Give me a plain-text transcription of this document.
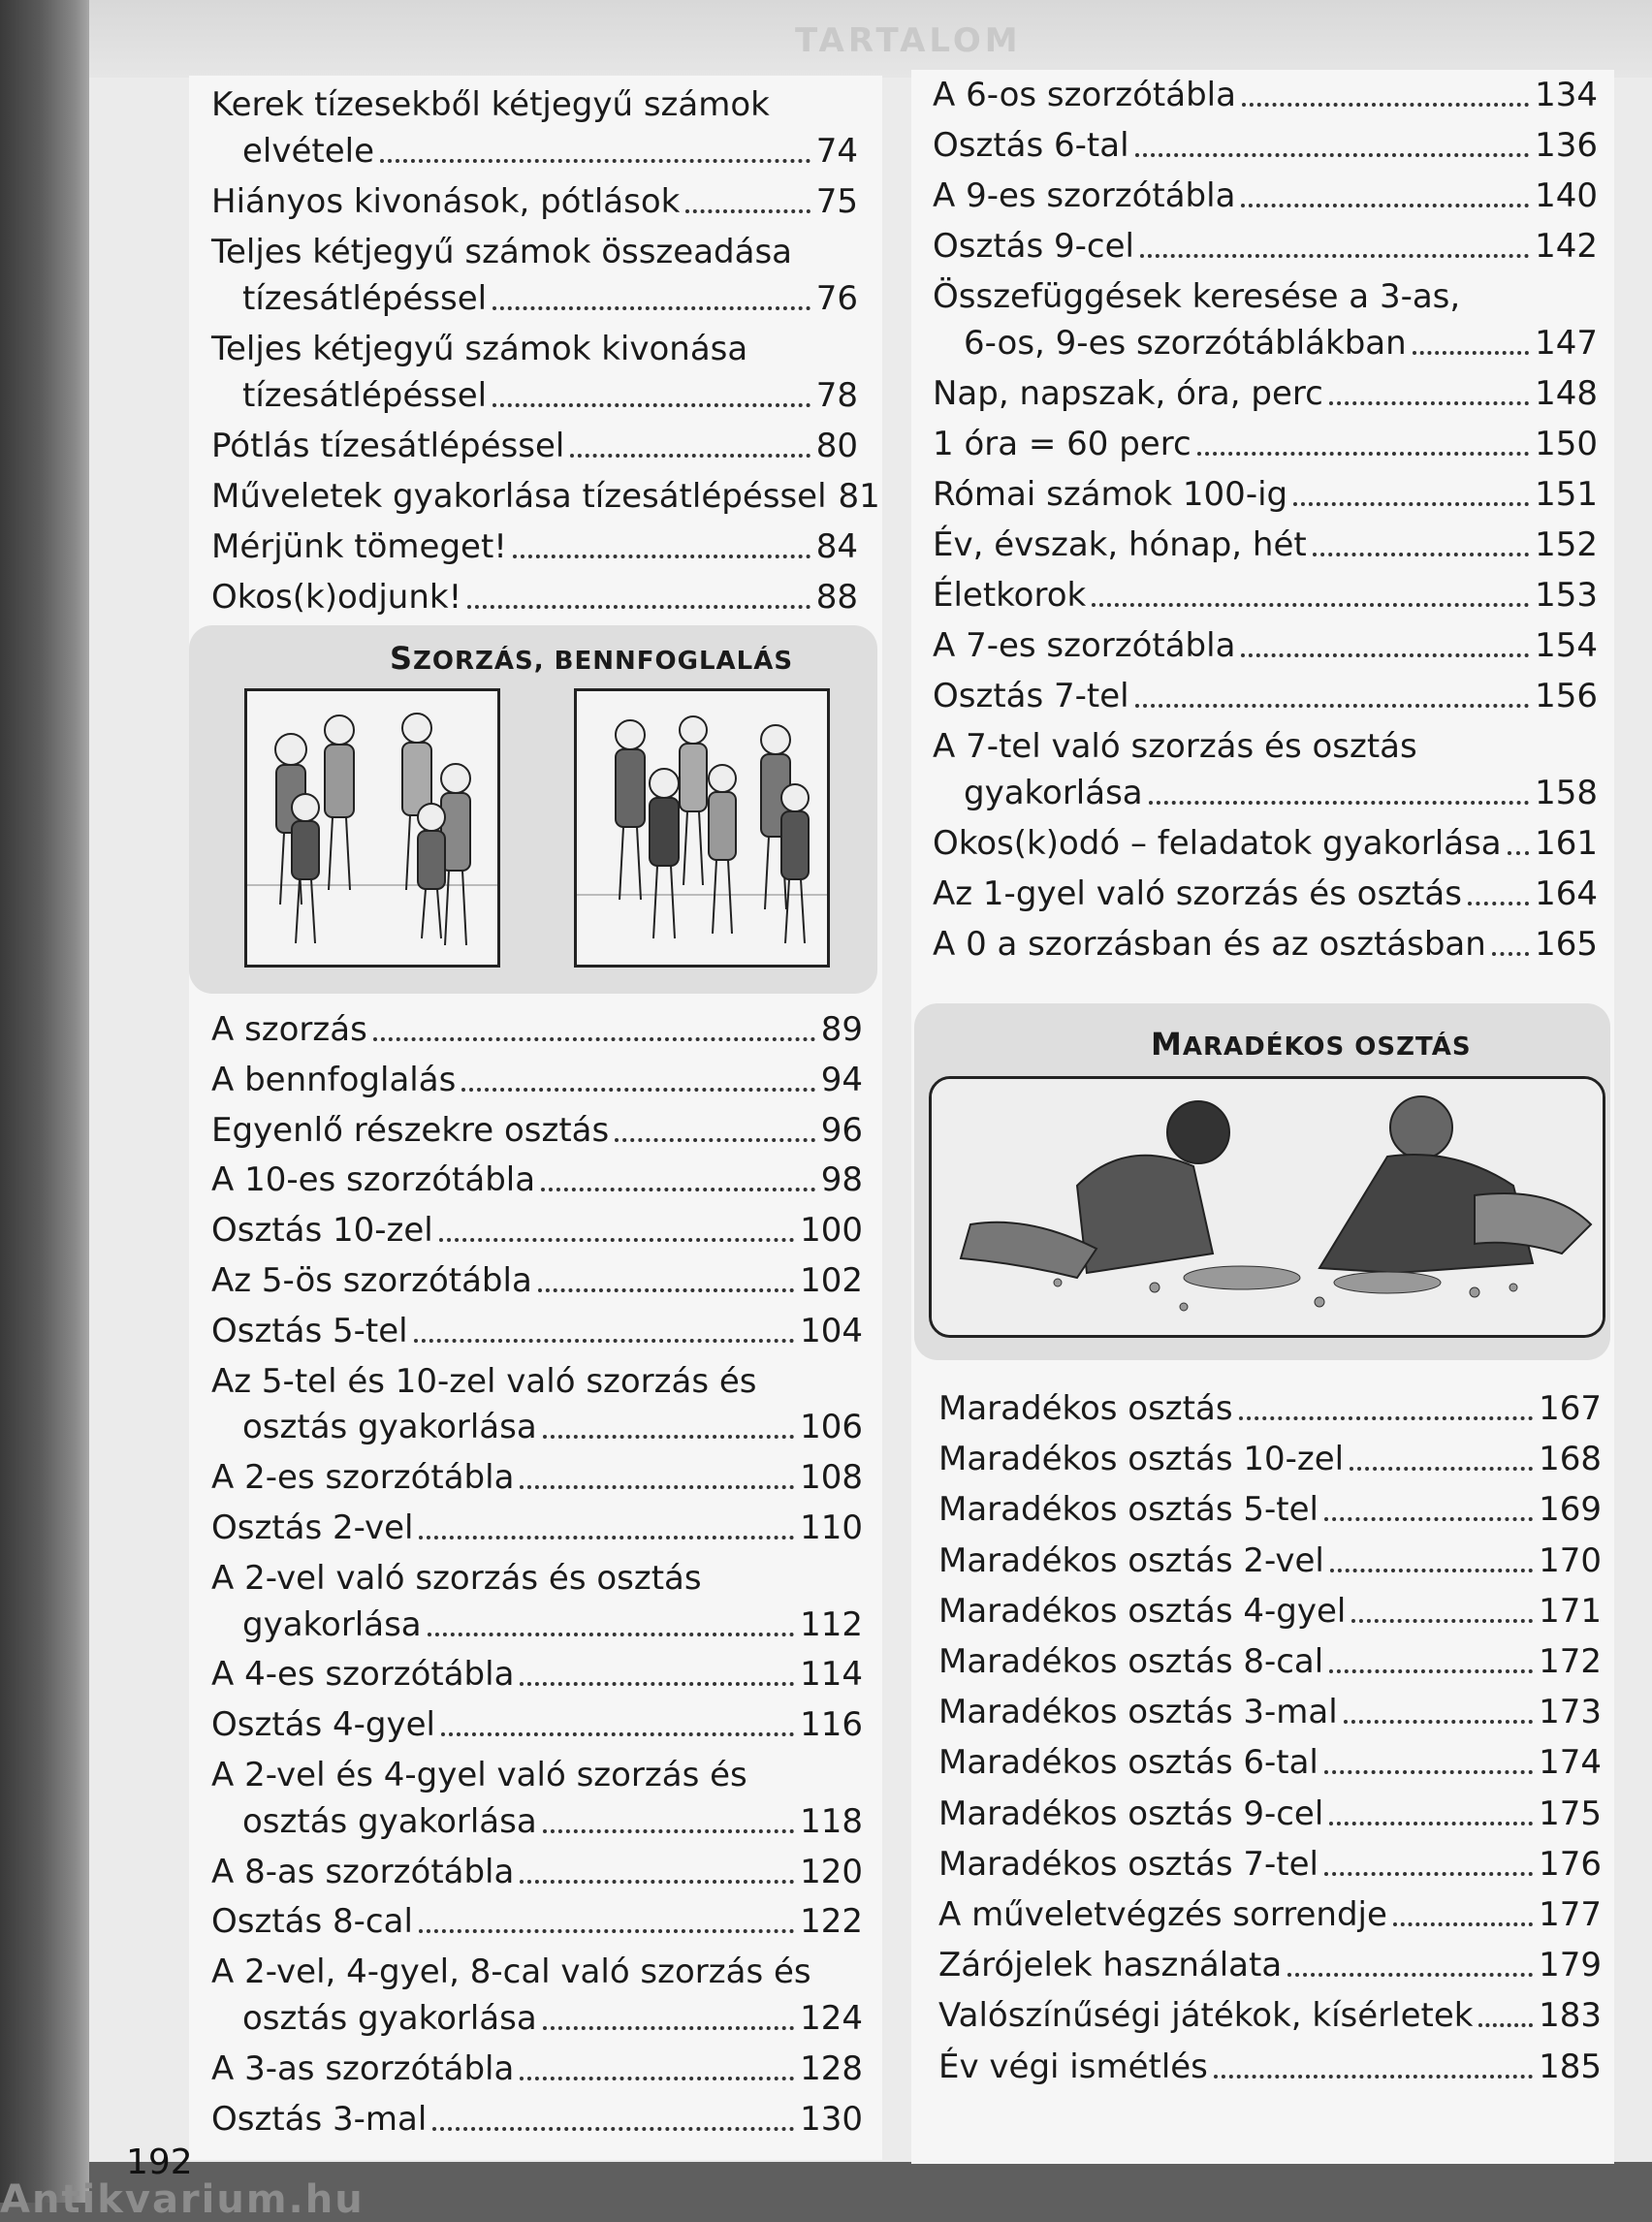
TARTALOM
Kerek tízesekből kétjegyű számok
elvétele	74
Hiányos kivonások, pótlások	75
Teljes kétjegyű számok összeadása
tízesátlépéssel	76
Teljes kétjegyű számok kivonása
tízesátlépéssel	78
Pótlás tízesátlépéssel	80
Műveletek gyakorlása tízesátlépéssel 81
Mérjünk tömeget!	84
Okos(k)odjunk!	88
SZORZÁS, BENNFOGLALÁS
A szorzás	89
A bennfoglalás	94
Egyenlő részekre osztás	96
A 10-es szorzótábla	98
Osztás 10-zel	100
Az 5-ös szorzótábla	102
Osztás 5-tel	104
Az 5-tel és 10-zel való szorzás és
osztás gyakorlása	106
A 2-es szorzótábla	108
Osztás 2-vel	110
A 2-vel való szorzás és osztás
gyakorlása	112
A 4-es szorzótábla	114
Osztás 4-gyel	116
A 2-vel és 4-gyel való szorzás és
osztás gyakorlása	118
A 8-as szorzótábla	120
Osztás 8-cal	122
A 2-vel, 4-gyel, 8-cal való szorzás és
osztás gyakorlása	124
A 3-as szorzótábla	128
Osztás 3-mal	130
A 6-os szorzótábla	134
Osztás 6-tal	136
A 9-es szorzótábla	140
Osztás 9-cel	142
Összefüggések keresése a 3-as,
6-os, 9-es szorzótáblákban	147
Nap, napszak, óra, perc	148
1 óra = 60 perc	150
Római számok 100-ig	151
Év, évszak, hónap, hét	152
Életkorok	153
A 7-es szorzótábla	154
Osztás 7-tel	156
A 7-tel való szorzás és osztás
gyakorlása	158
Okos(k)odó – feladatok gyakorlása 161
Az 1-gyel való szorzás és osztás 164
A 0 a szorzásban és az osztásban 165
MARADÉKOS OSZTÁS
Maradékos osztás	167
Maradékos osztás 10-zel	168
Maradékos osztás 5-tel	169
Maradékos osztás 2-vel	170
Maradékos osztás 4-gyel	171
Maradékos osztás 8-cal	172
Maradékos osztás 3-mal	173
Maradékos osztás 6-tal	174
Maradékos osztás 9-cel	175
Maradékos osztás 7-tel	176
A műveletvégzés sorrendje	177
Zárójelek használata	179
Valószínűségi játékok, kísérletek 183
Év végi ismétlés	185
192
Antikvarium.hu
